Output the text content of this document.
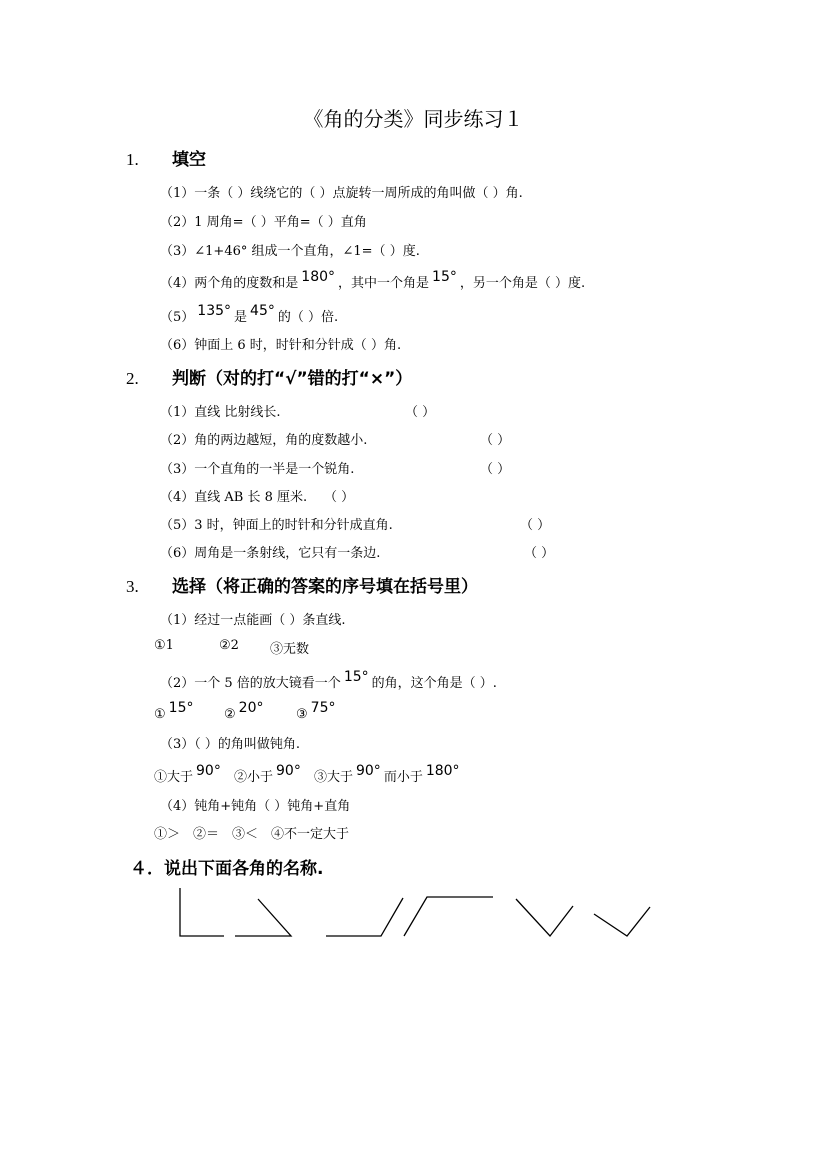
《角的分类》同步练习１
1. 填空
（1）一条（ ）线绕它的（ ）点旋转一周所成的角叫做（ ）角.
（2）1 周角=（ ）平角=（ ）直角
（3）∠1+46° 组成一个直角，∠1=（ ）度.
（4）两个角的度数和是 180° ，其中一个角是 15° ，另一个角是（ ）度.
（5） 135° 是 45° 的（ ）倍.
（6）钟面上 6 时，时针和分针成（ ）角.
2. 判断（对的打“√”错的打“×”）
（1）直线 比射线长.	（ ）
（2）角的两边越短，角的度数越小.	（ ）
（3）一个直角的一半是一个锐角.	（ ）
（4）直线 AB 长 8 厘米. （ ）
（5）3 时，钟面上的时针和分针成直角.	（ ）
（6）周角是一条射线，它只有一条边.	（ ）
3. 选择（将正确的答案的序号填在括号里）
（1）经过一点能画（ ）条直线.
①1	②2 ③无数
（2）一个 5 倍的放大镜看一个 15° 的角，这个角是（ ）.
① 15° ② 20°	③ 75°
（3）（ ）的角叫做钝角.
①大于 90° ②小于 90° ③大于 90° 而小于 180°
（4）钝角+钝角（ ）钝角+直角
①＞　②＝　③＜　④不一定大于
４．说出下面各角的名称.
